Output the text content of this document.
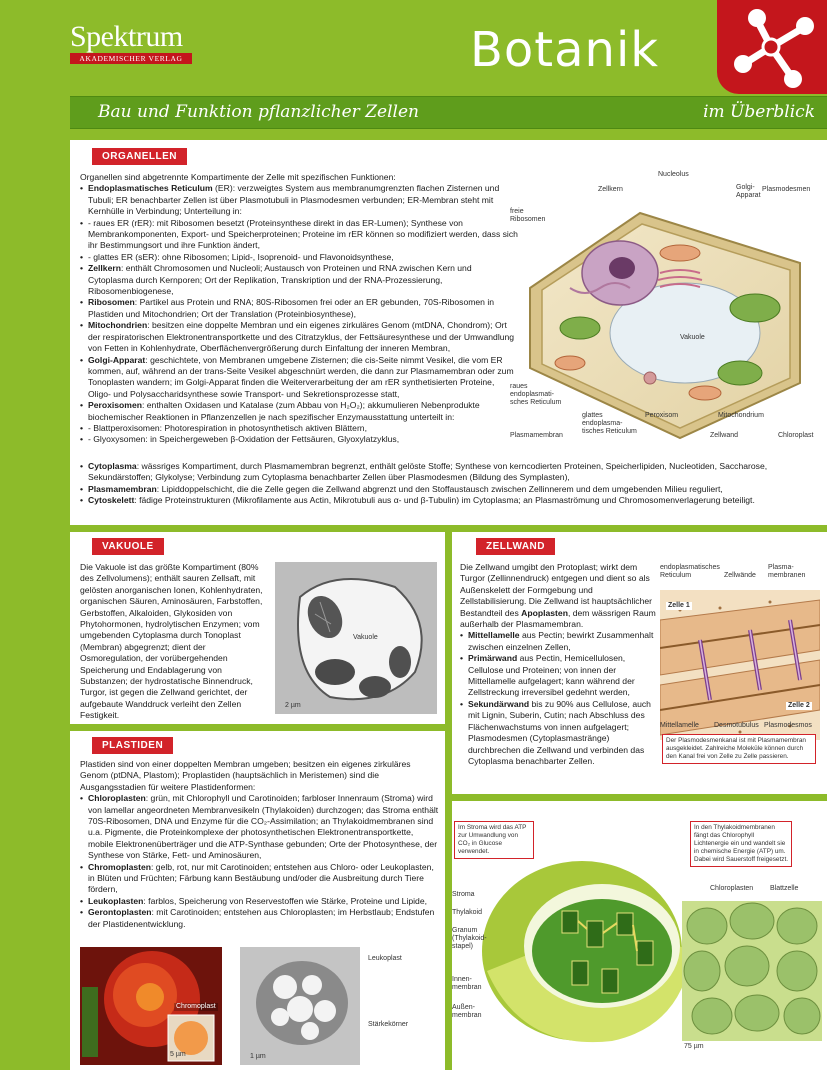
Spektrum
AKADEMISCHER VERLAG	Botanik
Bau und Funktion pflanzlicher Zellen	im Überblick
ORGANELLEN
Organellen sind abgetrennte Kompartimente der Zelle mit spezifischen Funktionen:
• Endoplasmatisches Reticulum (ER): verzweigtes System aus membranumgrenzten flachen Zisternen und Tubuli; ER benachbarter Zellen ist über Plasmotubuli in Plasmodesmen verbunden; ER-Membran steht mit Kernhülle in Verbindung; Unterteilung in:
• - raues ER (rER): mit Ribosomen besetzt (Proteinsynthese direkt in das ER-Lumen); Synthese von Membrankomponenten, Export- und Speicherproteinen; Proteine im rER können so modifiziert werden, dass sich ihr Bestimmungsort und ihre Funktion ändert,
• - glattes ER (sER): ohne Ribosomen; Lipid-, Isoprenoid- und Flavonoidsynthese,
• Zellkern: enthält Chromosomen und Nucleoli; Austausch von Proteinen und RNA zwischen Kern und Cytoplasma durch Kernporen; Ort der Replikation, Transkription und der RNA-Prozessierung, Ribosomenbiogenese,
• Ribosomen: Partikel aus Protein und RNA; 80S-Ribosomen frei oder an ER gebunden, 70S-Ribosomen in Plastiden und Mitochondrien; Ort der Translation (Proteinbiosynthese),
• Mitochondrien: besitzen eine doppelte Membran und ein eigenes zirkuläres Genom (mtDNA, Chondrom); Ort der respiratorischen Elektronentransportkette und des Citratzyklus, der Fettsäuresynthese und der Umwandlung von Fetten in Kohlenhydrate, Oberflächenvergrößerung durch Einfaltung der inneren Membran,
• Golgi-Apparat: geschichtete, von Membranen umgebene Zisternen; die cis-Seite nimmt Vesikel, die vom ER kommen, auf, während an der trans-Seite Vesikel abgeschnürt werden, die dann zur Plasmamembran oder zum Tonoplasten wandern; im Golgi-Apparat finden die Weiterverarbeitung der am rER synthetisierten Proteine, Oligo- und Polysaccharidsynthese sowie Transport- und Sekretionsprozesse statt,
• Peroxisomen: enthalten Oxidasen und Katalase (zum Abbau von H₂O₂); akkumulieren Nebenprodukte biochemischer Reaktionen in Pflanzenzellen je nach spezifischer Enzymausstattung unterteilt in:
• - Blattperoxisomen: Photorespiration in photosynthetisch aktiven Blättern,
• - Glyoxysomen: in Speichergeweben β-Oxidation der Fettsäuren, Glyoxylatzyklus,
• Cytoplasma: wässriges Kompartiment, durch Plasmamembran begrenzt, enthält gelöste Stoffe; Synthese von kerncodierten Proteinen, Speicherlipiden, Nucleotiden, Saccharose, Sekundärstoffen; Glykolyse; Verbindung zum Cytoplasma benachbarter Zellen über Plasmodesmen (Bildung des Symplasten),
• Plasmamembran: Lipiddoppelschicht, die die Zelle gegen die Zellwand abgrenzt und den Stoffaustausch zwischen Zellinnerem und dem umgebenden Milieu reguliert,
• Cytoskelett: fädige Proteinstrukturen (Mikrofilamente aus Actin, Mikrotubuli aus α- und β-Tubulin) im Cytoplasma; an Plasmaströmung und Chromosomenverlagerung beteiligt.
Nucleolus
Zellkern	Golgi-
Apparat
Plasmodesmen
freie
Ribosomen
Vakuole
raues
endoplasmati-
sches Reticulum
glattes
endoplasma-
tisches Reticulum
Peroxisom	Mitochondrium
Plasmamembran	Zellwand	Chloroplast
VAKUOLE
Die Vakuole ist das größte Kompartiment (80% des Zellvolumens); enthält sauren Zellsaft, mit gelösten anorganischen Ionen, Kohlenhydraten, organischen Säuren, Aminosäuren, Farbstoffen, Gerbstoffen, Alkaloiden, Glykosiden von Phytohormonen, hydrolytischen Enzymen; vom umgebenden Cytoplasma durch Tonoplast (Membran) abgegrenzt; dient der Osmoregulation, der vorübergehenden Speicherung und Endablagerung von Substanzen; der hydrostatische Binnendruck, Turgor, ist gegen die Zellwand gerichtet, der aufgebaute Wanddruck verleiht den Zellen Festigkeit.
Vakuole
2 µm
PLASTIDEN
Plastiden sind von einer doppelten Membran umgeben; besitzen ein eigenes zirkuläres Genom (ptDNA, Plastom); Proplastiden (hauptsächlich in Meristemen) sind die Ausgangsstadien für weitere Plastidenformen:
• Chloroplasten: grün, mit Chlorophyll und Carotinoiden; farbloser Innenraum (Stroma) wird von lamellar angeordneten Membranvesikeln (Thylakoiden) durchzogen; das Stroma enthält 70S-Ribosomen, DNA und Enzyme für die CO₂-Assimilation; an Thylakoidmembranen sind u.a. Pigmente, die Proteinkomplexe der photosynthetischen Elektronentransportkette, mobile Elektronenüberträger und die ATP-Synthase gebunden; Orte der Photosynthese, der Synthese von Stärke, Fett- und Aminosäuren,
• Chromoplasten: gelb, rot, nur mit Carotinoiden; entstehen aus Chloro- oder Leukoplasten, in Blüten und Früchten; Färbung kann Bestäubung und/oder die Ausbreitung durch Tiere fördern,
• Leukoplasten: farblos, Speicherung von Reservestoffen wie Stärke, Proteine und Lipide,
• Gerontoplasten: mit Carotinoiden; entstehen aus Chloroplasten; im Herbstlaub; Endstufen der Plastidenentwicklung.
Chromoplast
5 µm	1 µm
Leukoplast
Stärkekörner
ZELLWAND
Die Zellwand umgibt den Protoplast; wirkt dem Turgor (Zellinnendruck) entgegen und dient so als Außenskelett der Formgebung und Zellstabilisierung. Die Zellwand ist hauptsächlicher Bestandteil des Apoplasten, dem wässrigen Raum außerhalb der Plasmamembran.
• Mittellamelle aus Pectin; bewirkt Zusammenhalt zwischen einzelnen Zellen,
• Primärwand aus Pectin, Hemicellulosen, Cellulose und Proteinen; von innen der Mittellamelle aufgelagert; kann während der Zellstreckung irreversibel gedehnt werden,
• Sekundärwand bis zu 90% aus Cellulose, auch mit Lignin, Suberin, Cutin; nach Abschluss des Flächenwachstums von innen aufgelagert; Plasmodesmen (Cytoplasmastränge) durchbrechen die Zellwand und verbinden das Cytoplasma benachbarter Zellen.
endoplasmatisches
Reticulum	Zellwände
Plasma-
membranen
Zelle 1
Zelle 2
Mittellamelle Desmotubulus Plasmodesmos
Der Plasmodesmenkanal ist mit Plasmamembran ausgekleidet. Zahlreiche Moleküle können durch den Kanal frei von Zelle zu Zelle passieren.
Im Stroma wird das ATP zur Umwandlung von CO₂ in Glucose verwendet.
In den Thylakoidmembranen fängt das Chlorophyll Lichtenergie ein und wandelt sie in chemische Energie (ATP) um. Dabei wird Sauerstoff freigesetzt.
Stroma
Thylakoid
Granum
(Thylakoid-
stapel)
Innen-
membran
Außen-
membran
Chloroplasten Blattzelle
75 µm
